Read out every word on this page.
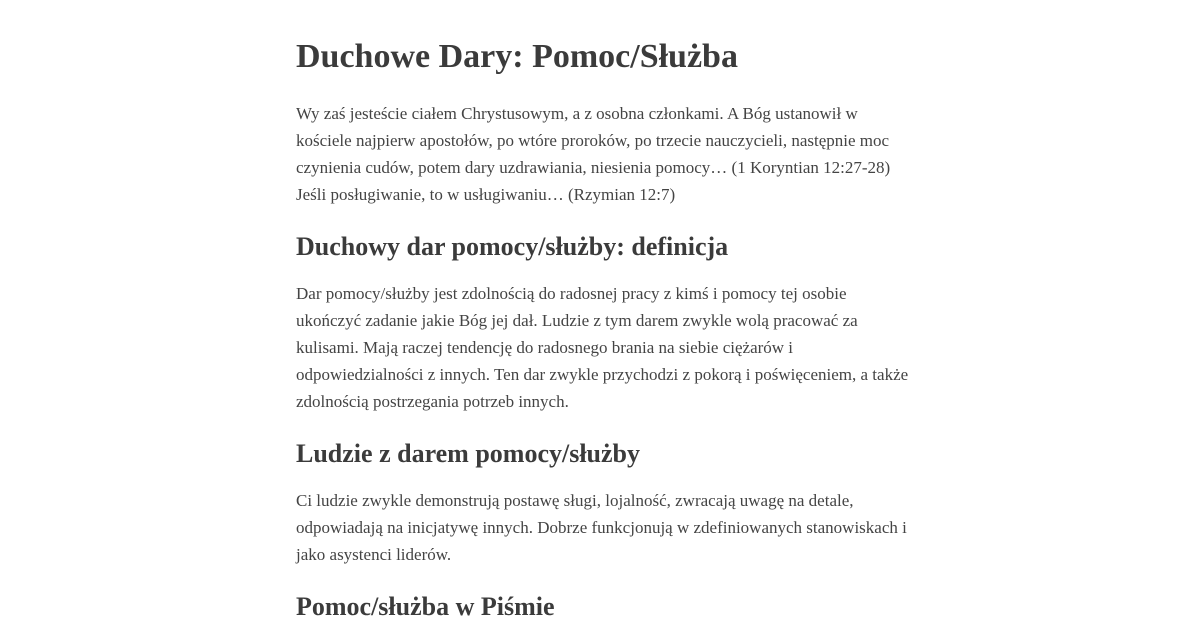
Duchowe Dary: Pomoc/Służba

Wy zaś jesteście ciałem Chrystusowym, a z osobna członkami. A Bóg ustanowił w
kościele najpierw apostołów, po wtóre proroków, po trzecie nauczycieli, następnie moc
czynienia cudów, potem dary uzdrawiania, niesienia pomocy… (1 Koryntian 12:27-28)
Jeśli posługiwanie, to w usługiwaniu… (Rzymian 12:7)

Duchowy dar pomocy/służby: definicja

Dar pomocy/służby jest zdolnością do radosnej pracy z kimś i pomocy tej osobie
ukończyć zadanie jakie Bóg jej dał. Ludzie z tym darem zwykle wolą pracować za
kulisami. Mają raczej tendencję do radosnego brania na siebie ciężarów i
odpowiedzialności z innych. Ten dar zwykle przychodzi z pokorą i poświęceniem, a także
zdolnością postrzegania potrzeb innych.

Ludzie z darem pomocy/służby

Ci ludzie zwykle demonstrują postawę sługi, lojalność, zwracają uwagę na detale,
odpowiadają na inicjatywę innych. Dobrze funkcjonują w zdefiniowanych stanowiskach i
jako asystenci liderów.

Pomoc/służba w Piśmie
